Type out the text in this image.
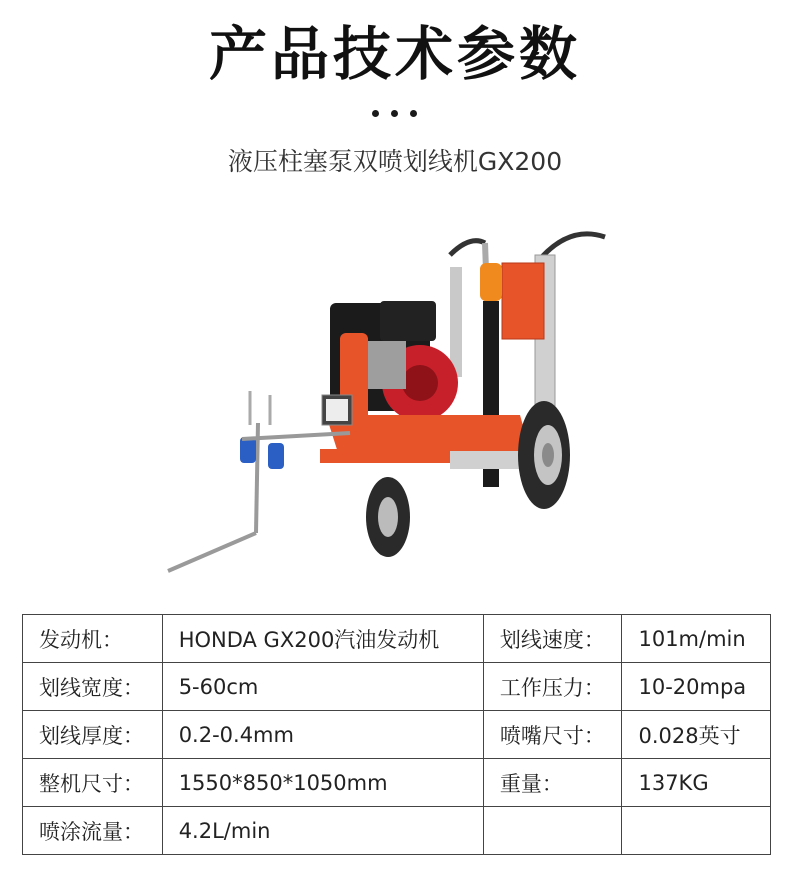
产品技术参数
液压柱塞泵双喷划线机GX200
发动机：	HONDA GX200汽油发动机	划线速度：	101m/min
划线宽度：	5-60cm	工作压力：	10-20mpa
划线厚度：	0.2-0.4mm	喷嘴尺寸：	0.028英寸
整机尺寸：	1550*850*1050mm	重量：	137KG
喷涂流量：	4.2L/min		
